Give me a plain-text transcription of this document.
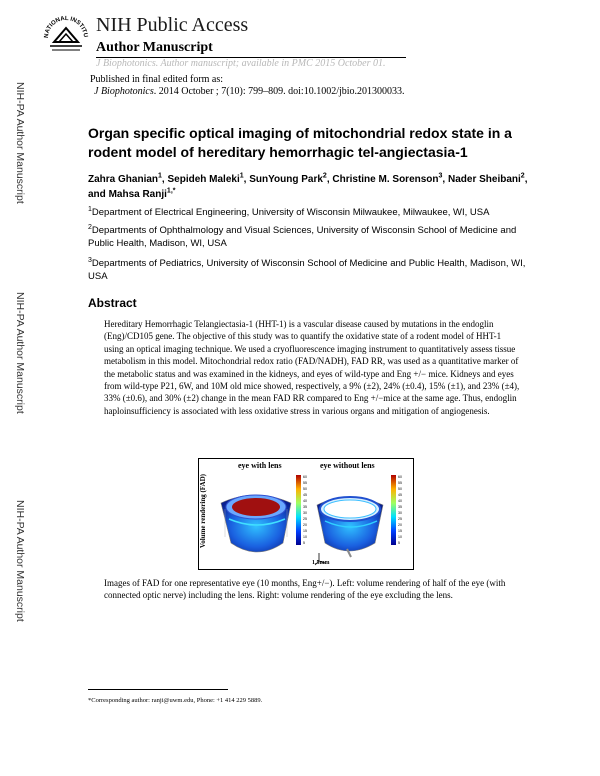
NATIONAL INSTITU NIH Public Access
Author Manuscript
J Biophotonics. Author manuscript; available in PMC 2015 October 01.
Published in final edited form as:
J Biophotonics. 2014 October ; 7(10): 799–809. doi:10.1002/jbio.201300033.
NIH-PA Author Manuscript
NIH-PA Author Manuscript
NIH-PA Author Manuscript
Organ specific optical imaging of mitochondrial redox state in a rodent model of hereditary hemorrhagic tel-angiectasia-1
Zahra Ghanian$^1$, Sepideh Maleki$^1$, SunYoung Park$^2$, Christine M. Sorenson$^3$, Nader Sheibani$^2$, and Mahsa Ranji$^{1,*}$
$^1$Department of Electrical Engineering, University of Wisconsin Milwaukee, Milwaukee, WI, USA
$^2$Departments of Ophthalmology and Visual Sciences, University of Wisconsin School of Medicine and Public Health, Madison, WI, USA
$^3$Departments of Pediatrics, University of Wisconsin School of Medicine and Public Health, Madison, WI, USA
Abstract
Hereditary Hemorrhagic Telangiectasia-1 (HHT-1) is a vascular disease caused by mutations in the endoglin (Eng)/CD105 gene. The objective of this study was to quantify the oxidative state of a rodent model of HHT-1 using an optical imaging technique. We used a cryofluorescence imaging instrument to quantitatively assess tissue metabolism in this model. Mitochondrial redox ratio (FAD/NADH), FAD RR, was used as a quantitative marker of the metabolic status and was examined in the kidneys, and eyes of wild-type and Eng +/− mice. Kidneys and eyes from wild-type P21, 6W, and 10M old mice showed, respectively, a 9% (±2), 24% (±0.4), 15% (±1), and 23% (±4), 33% (±0.6), and 30% (±2) change in the mean FAD RR compared to Eng +/−mice at the same age. Thus, endoglin haploinsufficiency is associated with less oxidative stress in various organs and mitigation of angiogenesis.
60
55
50
45
40
35
30
25
20
15
10
5
60
55
50
45
40
35
30
25
20
15
10
5
eye with lens	eye without lens
Volume rendering (FAD)
1.5mm
Images of FAD for one representative eye (10 months, Eng+/−). Left: volume rendering of half of the eye (with connected optic nerve) including the lens. Right: volume rendering of the eye excluding the lens.
*Corresponding author: ranji@uwm.edu, Phone: +1 414 229 5889.
